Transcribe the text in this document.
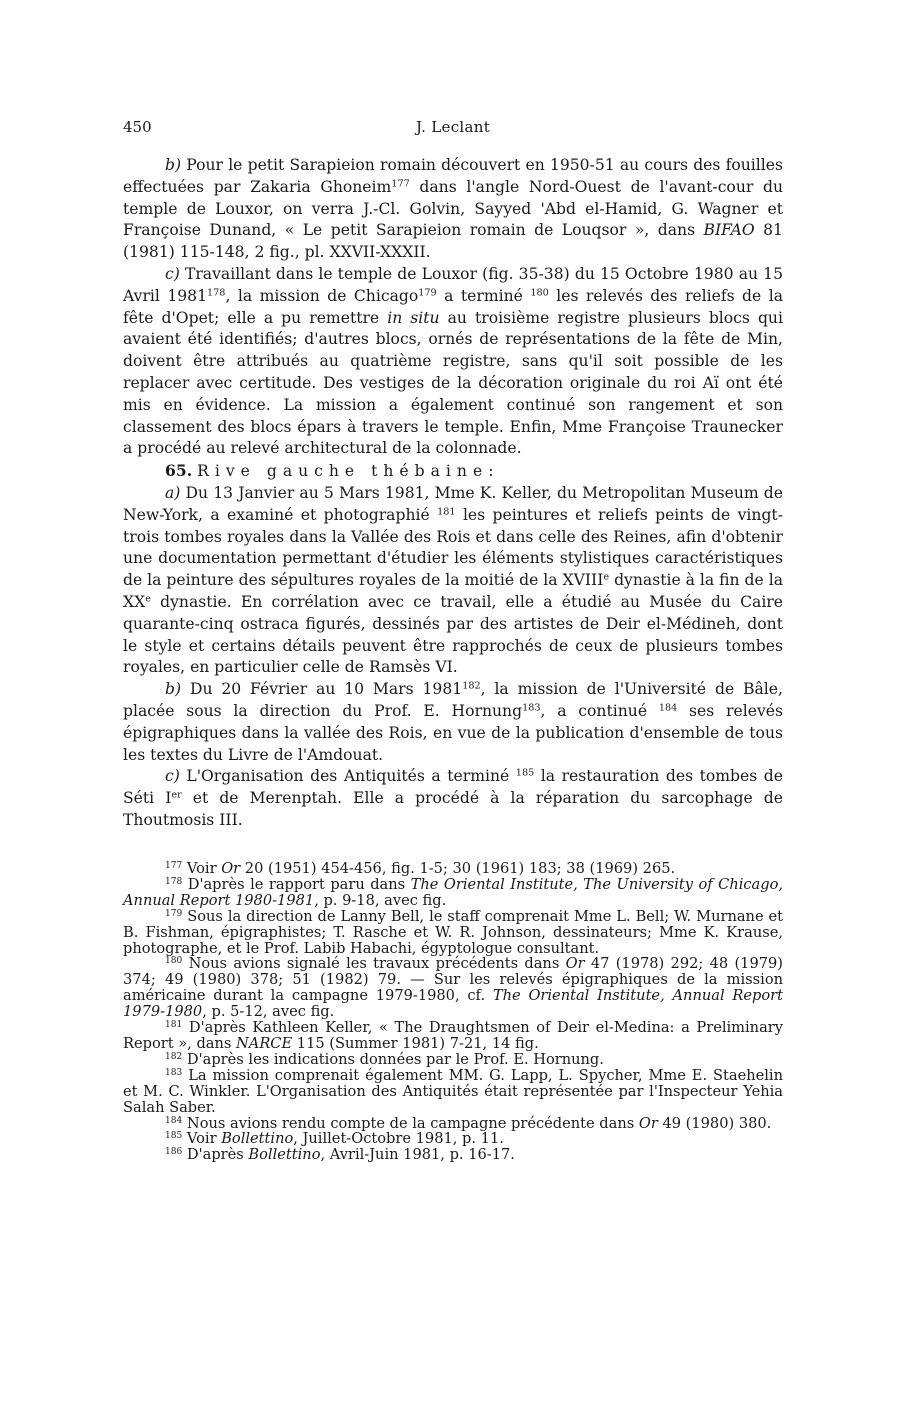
450	J. Leclant

b) Pour le petit Sarapieion romain découvert en 1950-51 au cours des fouilles effectuées par Zakaria Ghoneim$^{177}$ dans l'angle Nord-Ouest de l'avant-cour du temple de Louxor, on verra J.-Cl. Golvin, Sayyed 'Abd el-Hamid, G. Wagner et Françoise Dunand, « Le petit Sarapieion romain de Louqsor », dans BIFAO 81 (1981) 115-148, 2 fig., pl. XXVII-XXXII.

c) Travaillant dans le temple de Louxor (fig. 35-38) du 15 Octobre 1980 au 15 Avril 1981$^{178}$, la mission de Chicago$^{179}$ a terminé $^{180}$ les relevés des reliefs de la fête d'Opet; elle a pu remettre in situ au troisième registre plusieurs blocs qui avaient été identifiés; d'autres blocs, ornés de représentations de la fête de Min, doivent être attribués au quatrième registre, sans qu'il soit possible de les replacer avec certitude. Des vestiges de la décoration originale du roi Aï ont été mis en évidence. La mission a également continué son rangement et son classement des blocs épars à travers le temple. Enfin, Mme Françoise Traunecker a procédé au relevé architectural de la colonnade.

65. Rive gauche thébaine:

a) Du 13 Janvier au 5 Mars 1981, Mme K. Keller, du Metropolitan Museum de New-York, a examiné et photographié $^{181}$ les peintures et reliefs peints de vingt-trois tombes royales dans la Vallée des Rois et dans celle des Reines, afin d'obtenir une documentation permettant d'étudier les éléments stylistiques caractéristiques de la peinture des sépultures royales de la moitié de la XVIIIe dynastie à la fin de la XXe dynastie. En corrélation avec ce travail, elle a étudié au Musée du Caire quarante-cinq ostraca figurés, dessinés par des artistes de Deir el-Médineh, dont le style et certains détails peuvent être rapprochés de ceux de plusieurs tombes royales, en particulier celle de Ramsès VI.

b) Du 20 Février au 10 Mars 1981$^{182}$, la mission de l'Université de Bâle, placée sous la direction du Prof. E. Hornung$^{183}$, a continué $^{184}$ ses relevés épigraphiques dans la vallée des Rois, en vue de la publication d'ensemble de tous les textes du Livre de l'Amdouat.

c) L'Organisation des Antiquités a terminé $^{185}$ la restauration des tombes de Séti Ier et de Merenptah. Elle a procédé à la réparation du sarcophage de Thoutmosis III.

$^{177}$ Voir Or 20 (1951) 454-456, fig. 1-5; 30 (1961) 183; 38 (1969) 265.

$^{178}$ D'après le rapport paru dans The Oriental Institute, The University of Chicago, Annual Report 1980-1981, p. 9-18, avec fig.

$^{179}$ Sous la direction de Lanny Bell, le staff comprenait Mme L. Bell; W. Murnane et B. Fishman, épigraphistes; T. Rasche et W. R. Johnson, dessinateurs; Mme K. Krause, photographe, et le Prof. Labib Habachi, égyptologue consultant.

$^{180}$ Nous avions signalé les travaux précédents dans Or 47 (1978) 292; 48 (1979) 374; 49 (1980) 378; 51 (1982) 79. — Sur les relevés épigraphiques de la mission américaine durant la campagne 1979-1980, cf. The Oriental Institute, Annual Report 1979-1980, p. 5-12, avec fig.

$^{181}$ D'après Kathleen Keller, « The Draughtsmen of Deir el-Medina: a Preliminary Report », dans NARCE 115 (Summer 1981) 7-21, 14 fig.

$^{182}$ D'après les indications données par le Prof. E. Hornung.

$^{183}$ La mission comprenait également MM. G. Lapp, L. Spycher, Mme E. Staehelin et M. C. Winkler. L'Organisation des Antiquités était représentée par l'Inspecteur Yehia Salah Saber.

$^{184}$ Nous avions rendu compte de la campagne précédente dans Or 49 (1980) 380.

$^{185}$ Voir Bollettino, Juillet-Octobre 1981, p. 11.

$^{186}$ D'après Bollettino, Avril-Juin 1981, p. 16-17.
